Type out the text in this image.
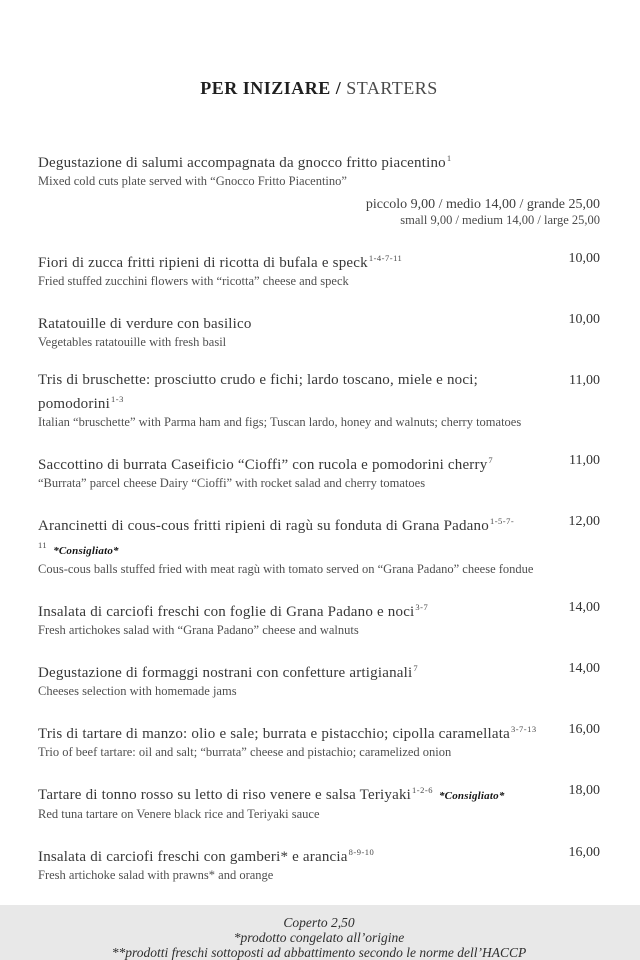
PER INIZIARE / STARTERS
Degustazione di salumi accompagnata da gnocco fritto piacentino$^1$
Mixed cold cuts plate served with “Gnocco Fritto Piacentino”
piccolo 9,00 / medio 14,00 / grande 25,00
small 9,00 / medium 14,00 / large 25,00
Fiori di zucca fritti ripieni di ricotta di bufala e speck$^{1-4-7-11}$
Fried stuffed zucchini flowers with “ricotta” cheese and speck
10,00
Ratatouille di verdure con basilico
Vegetables ratatouille with fresh basil
10,00
Tris di bruschette: prosciutto crudo e fichi; lardo toscano, miele e noci; pomodorini$^{1-3}$
Italian “bruschette” with Parma ham and figs; Tuscan lardo, honey and walnuts; cherry tomatoes
11,00
Saccottino di burrata Caseificio “Cioffi” con rucola e pomodorini cherry$^7$
“Burrata” parcel cheese Dairy “Cioffi” with rocket salad and cherry tomatoes
11,00
Arancinetti di cous-cous fritti ripieni di ragù su fonduta di Grana Padano$^{1-5-7-11}$ *Consigliato*
Cous-cous balls stuffed fried with meat ragù with tomato served on “Grana Padano” cheese fondue
12,00
Insalata di carciofi freschi con foglie di Grana Padano e noci$^{3-7}$
Fresh artichokes salad with “Grana Padano” cheese and walnuts
14,00
Degustazione di formaggi nostrani con confetture artigianali$^7$
Cheeses selection with homemade jams
14,00
Tris di tartare di manzo: olio e sale; burrata e pistacchio; cipolla caramellata$^{3-7-13}$
Trio of beef tartare: oil and salt; “burrata” cheese and pistachio; caramelized onion
16,00
Tartare di tonno rosso su letto di riso venere e salsa Teriyaki$^{1-2-6}$ *Consigliato*
Red tuna tartare on Venere black rice and Teriyaki sauce
18,00
Insalata di carciofi freschi con gamberi* e arancia$^{8-9-10}$
Fresh artichoke salad with prawns* and orange
16,00
Coperto 2,50
*prodotto congelato all’origine
**prodotti freschi sottoposti ad abbattimento secondo le norme dell’HACCP
